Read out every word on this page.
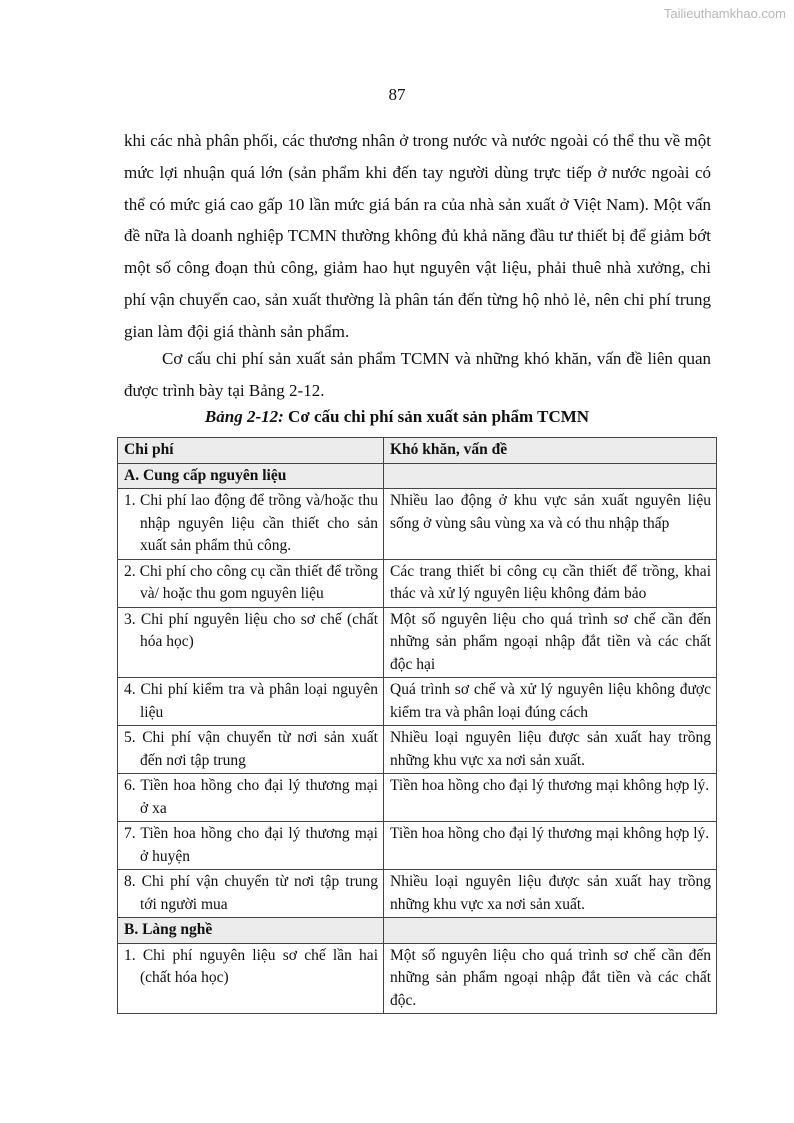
Tailieuthamkhao.com
87

khi các nhà phân phối, các thương nhân ở trong nước và nước ngoài có thể thu về một mức lợi nhuận quá lớn (sản phẩm khi đến tay người dùng trực tiếp ở nước ngoài có thể có mức giá cao gấp 10 lần mức giá bán ra của nhà sản xuất ở Việt Nam). Một vấn đề nữa là doanh nghiệp TCMN thường không đủ khả năng đầu tư thiết bị để giảm bớt một số công đoạn thủ công, giảm hao hụt nguyên vật liệu, phải thuê nhà xưởng, chi phí vận chuyển cao, sản xuất thường là phân tán đến từng hộ nhỏ lẻ, nên chi phí trung gian làm đội giá thành sản phẩm.

Cơ cấu chi phí sản xuất sản phẩm TCMN và những khó khăn, vấn đề liên quan được trình bày tại Bảng 2-12.

Bảng 2-12: Cơ cấu chi phí sản xuất sản phẩm TCMN
Chi phí	Khó khăn, vấn đề
A. Cung cấp nguyên liệu	

1. Chi phí lao động để trồng và/hoặc thu nhập nguyên liệu cần thiết cho sản xuất sản phẩm thủ công.	Nhiều lao động ở khu vực sản xuất nguyên liệu sống ở vùng sâu vùng xa và có thu nhập thấp

2. Chi phí cho công cụ cần thiết để trồng và/ hoặc thu gom nguyên liệu	Các trang thiết bi công cụ cần thiết để trồng, khai thác và xử lý nguyên liệu không đảm bảo

3. Chi phí nguyên liệu cho sơ chế (chất hóa học)	Một số nguyên liệu cho quá trình sơ chế cần đến những sản phẩm ngoại nhập đắt tiền và các chất độc hại

4. Chi phí kiểm tra và phân loại nguyên liệu	Quá trình sơ chế và xử lý nguyên liệu không được kiểm tra và phân loại đúng cách

5. Chi phí vận chuyển từ nơi sản xuất đến nơi tập trung	Nhiều loại nguyên liệu được sản xuất hay trồng những khu vực xa nơi sản xuất.

6. Tiền hoa hồng cho đại lý thương mại ở xa	Tiền hoa hồng cho đại lý thương mại không hợp lý.

7. Tiền hoa hồng cho đại lý thương mại ở huyện	Tiền hoa hồng cho đại lý thương mại không hợp lý.

8. Chi phí vận chuyển từ nơi tập trung tới người mua	Nhiều loại nguyên liệu được sản xuất hay trồng những khu vực xa nơi sản xuất.
B. Làng nghề	

1. Chi phí nguyên liệu sơ chế lần hai (chất hóa học)	Một số nguyên liệu cho quá trình sơ chế cần đến những sản phẩm ngoại nhập đắt tiền và các chất độc.
